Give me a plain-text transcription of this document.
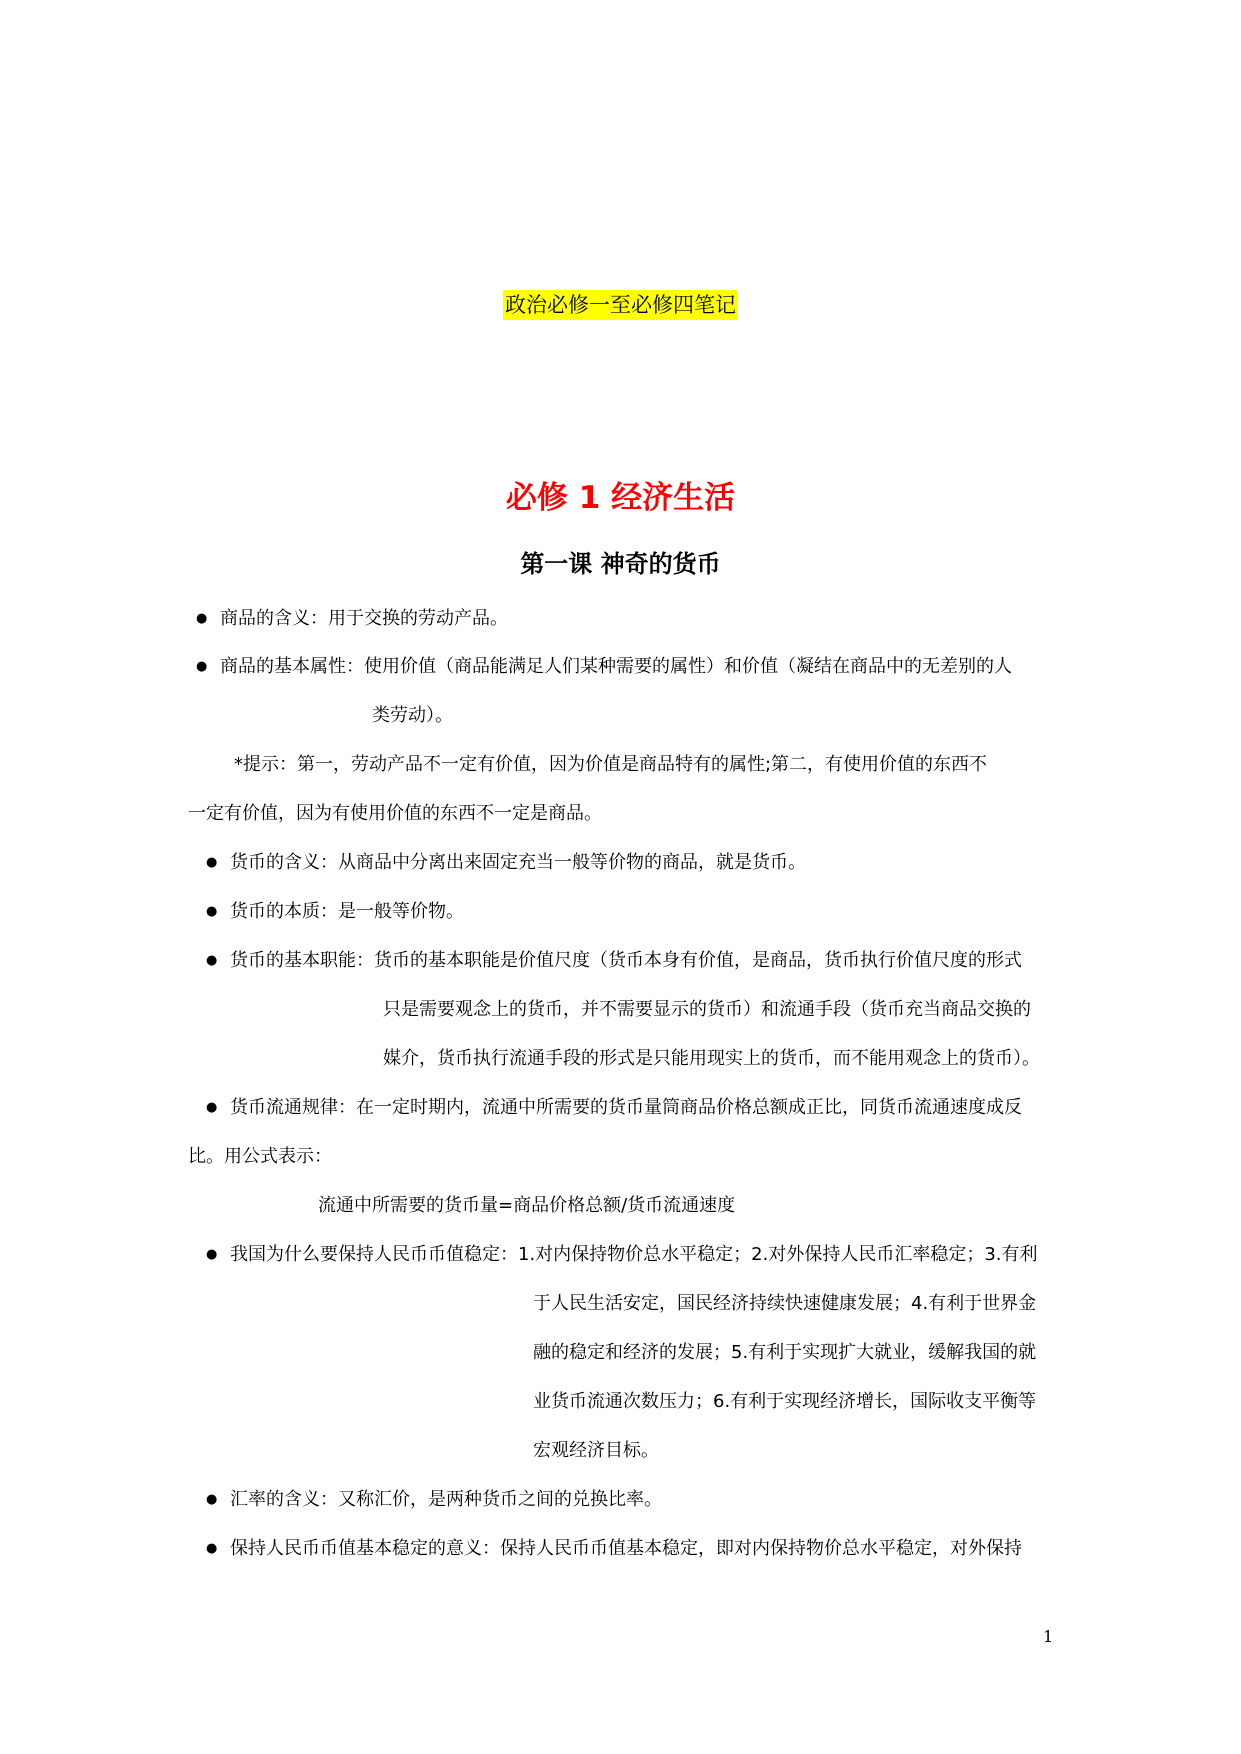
政治必修一至必修四笔记
必修 1 经济生活
第一课 神奇的货币
● 商品的含义：用于交换的劳动产品。
● 商品的基本属性：使用价值（商品能满足人们某种需要的属性）和价值（凝结在商品中的无差别的人
类劳动）。
*提示：第一，劳动产品不一定有价值，因为价值是商品特有的属性;第二，有使用价值的东西不
一定有价值，因为有使用价值的东西不一定是商品。
● 货币的含义：从商品中分离出来固定充当一般等价物的商品，就是货币。
● 货币的本质：是一般等价物。
● 货币的基本职能：货币的基本职能是价值尺度（货币本身有价值，是商品，货币执行价值尺度的形式
只是需要观念上的货币，并不需要显示的货币）和流通手段（货币充当商品交换的
媒介，货币执行流通手段的形式是只能用现实上的货币，而不能用观念上的货币）。
● 货币流通规律：在一定时期内，流通中所需要的货币量筒商品价格总额成正比，同货币流通速度成反
比。用公式表示：
流通中所需要的货币量=商品价格总额/货币流通速度
● 我国为什么要保持人民币币值稳定：1.对内保持物价总水平稳定；2.对外保持人民币汇率稳定；3.有利
于人民生活安定，国民经济持续快速健康发展；4.有利于世界金
融的稳定和经济的发展；5.有利于实现扩大就业，缓解我国的就
业货币流通次数压力；6.有利于实现经济增长，国际收支平衡等
宏观经济目标。
● 汇率的含义：又称汇价，是两种货币之间的兑换比率。
● 保持人民币币值基本稳定的意义：保持人民币币值基本稳定，即对内保持物价总水平稳定，对外保持
1
